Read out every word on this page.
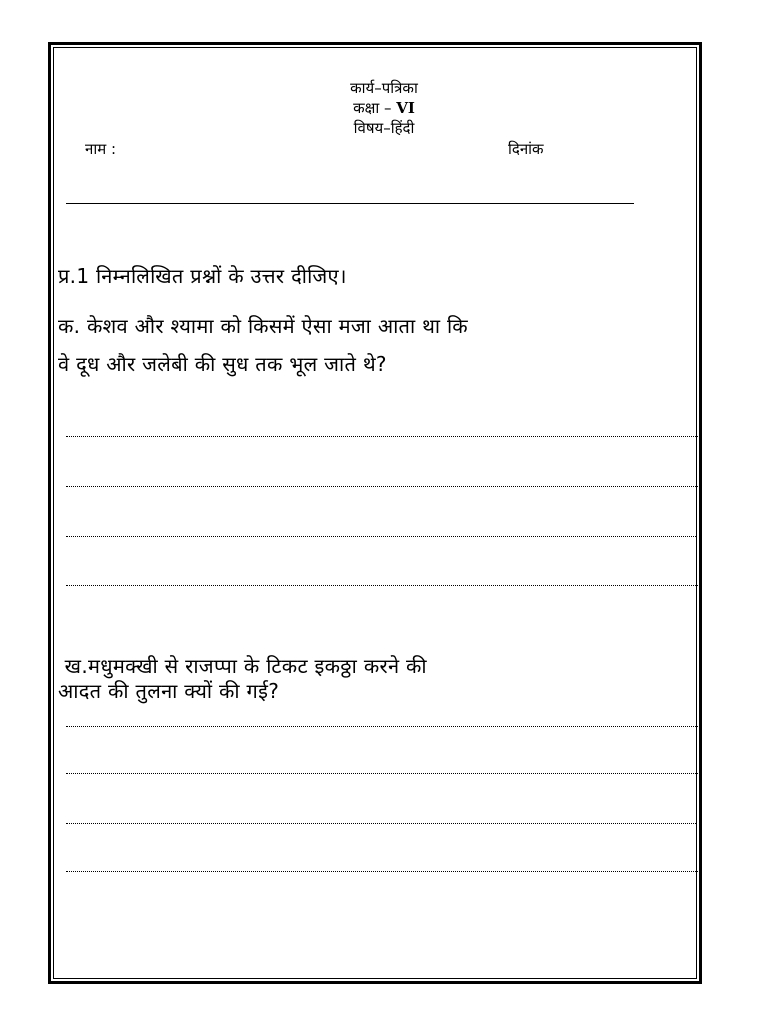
कार्य–पत्रिका
कक्षा – VI
विषय–हिंदी
नाम :	दिनांक
प्र.1 निम्नलिखित प्रश्नों के उत्तर दीजिए।
क. केशव और श्यामा को किसमें ऐसा मजा आता था कि
वे दूध और जलेबी की सुध तक भूल जाते थे?
ख.मधुमक्खी से राजप्पा के टिकट इकठ्ठा करने की
आदत की तुलना क्यों की गई?
